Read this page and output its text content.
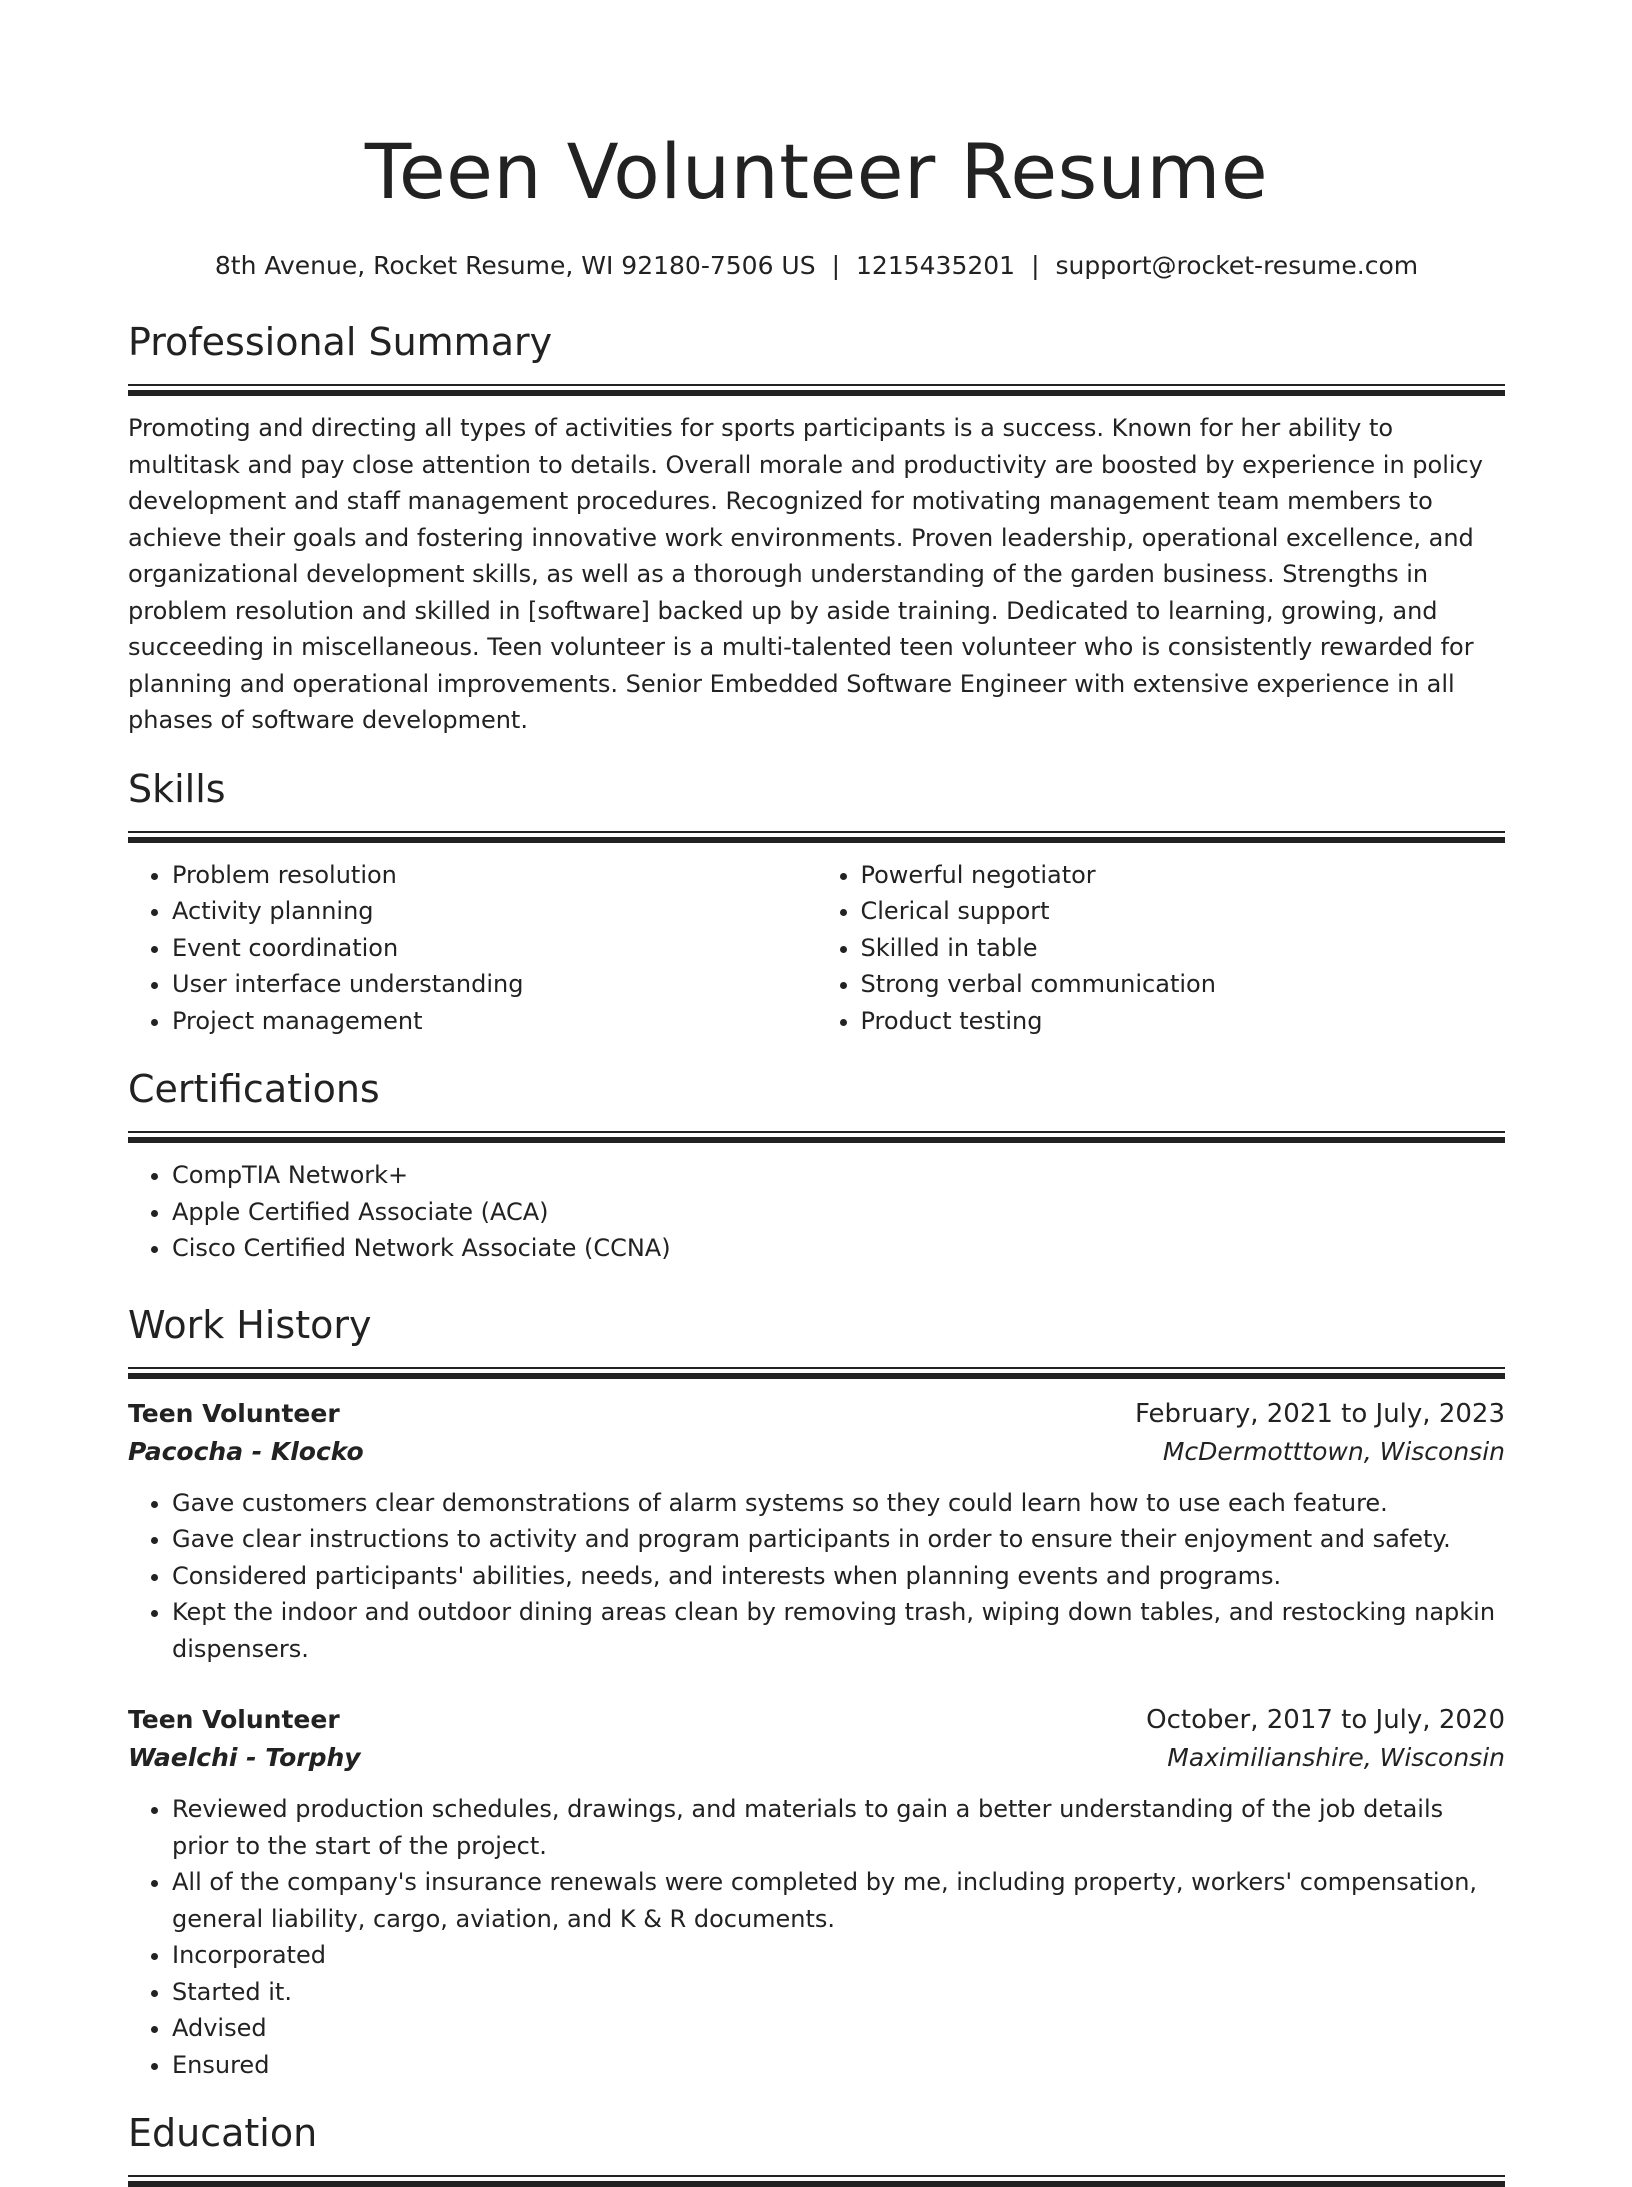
Teen Volunteer Resume
8th Avenue, Rocket Resume, WI 92180-7506 US | 1215435201 | support@rocket-resume.com
Professional Summary
Promoting and directing all types of activities for sports participants is a success. Known for her ability to multitask and pay close attention to details. Overall morale and productivity are boosted by experience in policy development and staff management procedures. Recognized for motivating management team members to achieve their goals and fostering innovative work environments. Proven leadership, operational excellence, and organizational development skills, as well as a thorough understanding of the garden business. Strengths in problem resolution and skilled in [software] backed up by aside training. Dedicated to learning, growing, and succeeding in miscellaneous. Teen volunteer is a multi-talented teen volunteer who is consistently rewarded for planning and operational improvements. Senior Embedded Software Engineer with extensive experience in all phases of software development.
Skills
• Problem resolution
• Activity planning
• Event coordination
• User interface understanding
• Project management
• Powerful negotiator
• Clerical support
• Skilled in table
• Strong verbal communication
• Product testing
Certifications
• CompTIA Network+
• Apple Certified Associate (ACA)
• Cisco Certified Network Associate (CCNA)
Work History
Teen Volunteer	February, 2021 to July, 2023
Pacocha - Klocko	McDermotttown, Wisconsin
• Gave customers clear demonstrations of alarm systems so they could learn how to use each feature.
• Gave clear instructions to activity and program participants in order to ensure their enjoyment and safety.
• Considered participants' abilities, needs, and interests when planning events and programs.
• Kept the indoor and outdoor dining areas clean by removing trash, wiping down tables, and restocking napkin dispensers.
Teen Volunteer	October, 2017 to July, 2020
Waelchi - Torphy	Maximilianshire, Wisconsin
• Reviewed production schedules, drawings, and materials to gain a better understanding of the job details prior to the start of the project.
• All of the company's insurance renewals were completed by me, including property, workers' compensation, general liability, cargo, aviation, and K & R documents.
• Incorporated
• Started it.
• Advised
• Ensured
Education
